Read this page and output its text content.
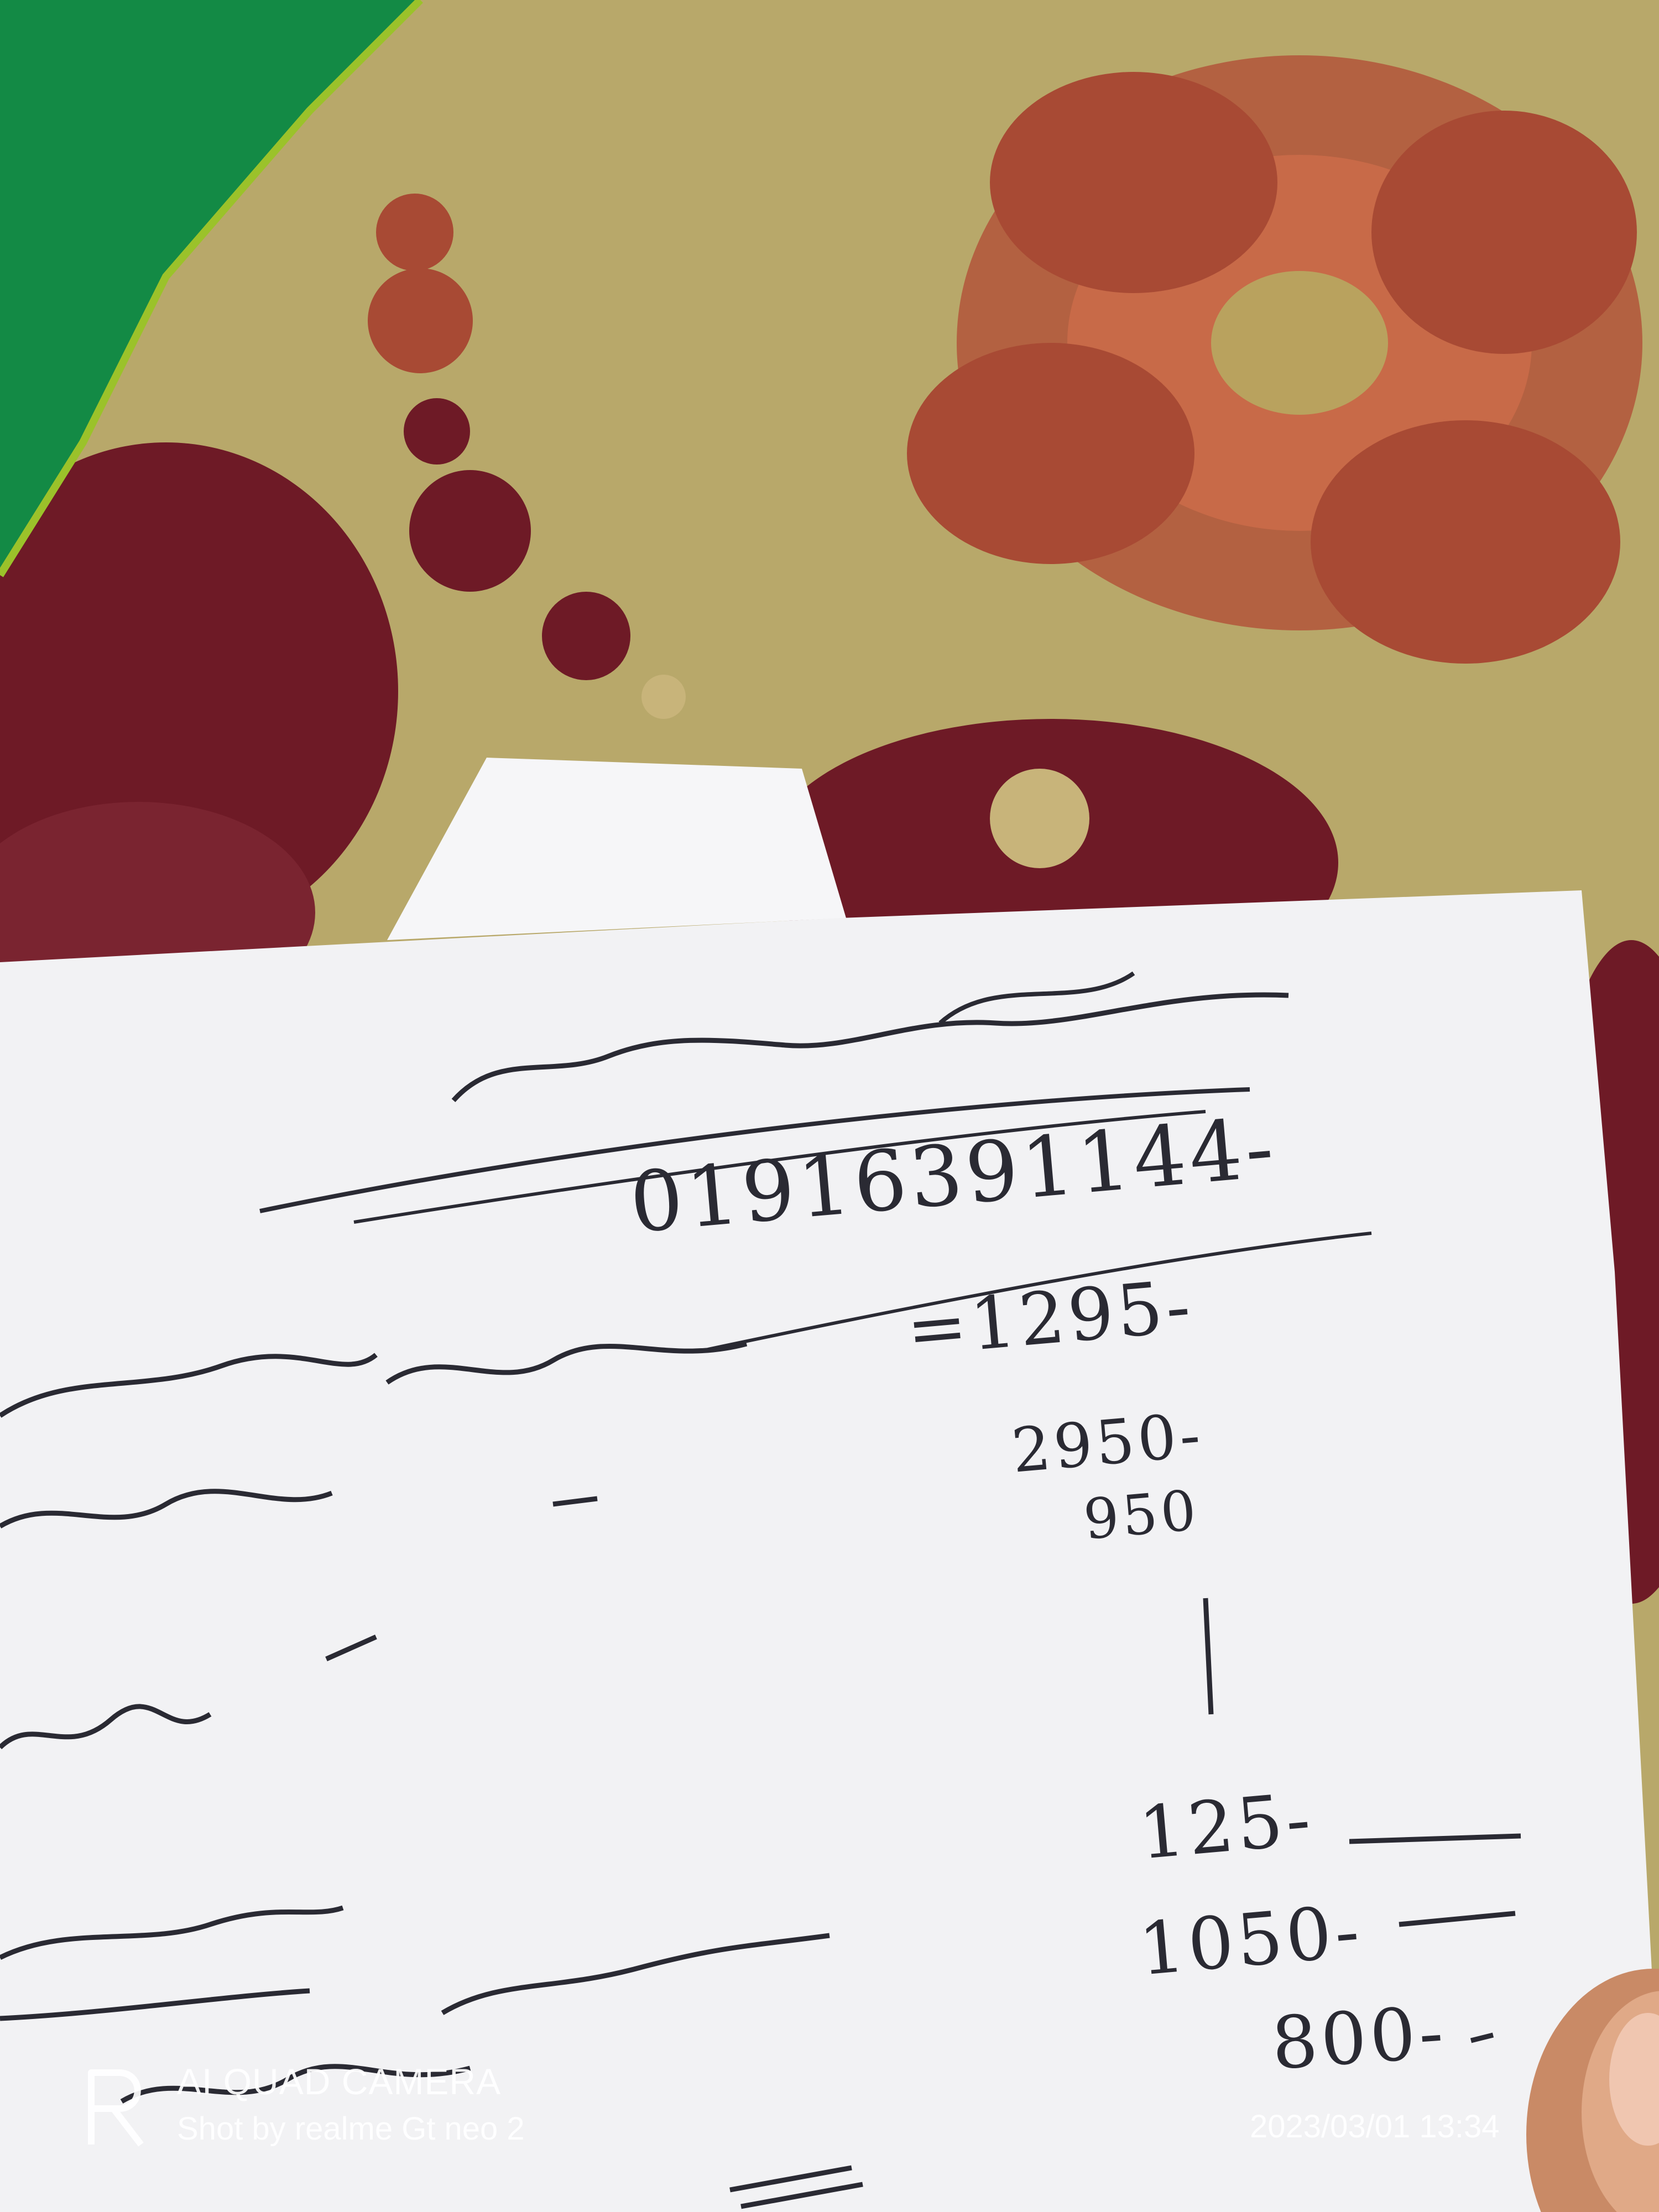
01916391144-
=1295-
2950-
950
125-
1050-
800-
AI QUAD CAMERA
Shot by realme Gt neo 2	2023/03/01 13:34
